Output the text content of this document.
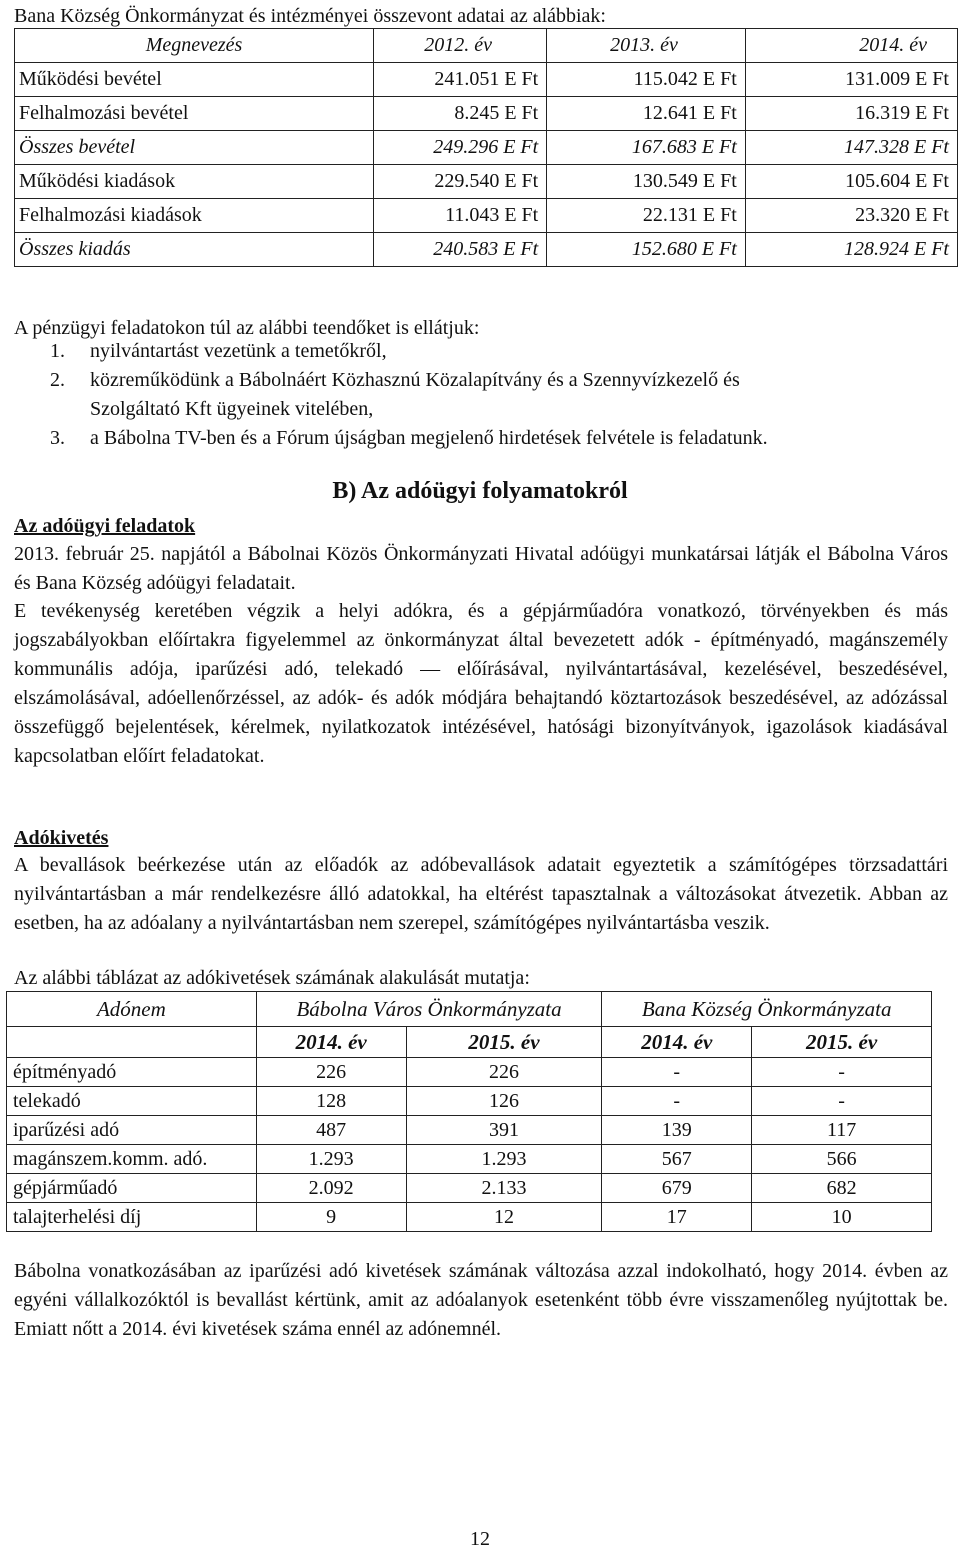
Bana Község Önkormányzat és intézményei összevont adatai az alábbiak:
Megnevezés	2012. év	2013. év	2014. év
Működési bevétel	241.051 E Ft	115.042 E Ft	131.009 E Ft
Felhalmozási bevétel	8.245 E Ft	12.641 E Ft	16.319 E Ft
Összes bevétel	249.296 E Ft	167.683 E Ft	147.328 E Ft
Működési kiadások	229.540 E Ft	130.549 E Ft	105.604 E Ft
Felhalmozási kiadások	11.043 E Ft	22.131 E Ft	23.320 E Ft
Összes kiadás	240.583 E Ft	152.680 E Ft	128.924 E Ft
A pénzügyi feladatokon túl az alábbi teendőket is ellátjuk:
1. nyilvántartást vezetünk a temetőkről,
2. közreműködünk a Bábolnáért Közhasznú Közalapítvány és a Szennyvízkezelő és
Szolgáltató Kft ügyeinek vitelében,
3. a Bábolna TV-ben és a Fórum újságban megjelenő hirdetések felvétele is feladatunk.
B) Az adóügyi folyamatokról
Az adóügyi feladatok
2013. február 25. napjától a Bábolnai Közös Önkormányzati Hivatal adóügyi munkatársai látják el Bábolna Város és Bana Község adóügyi feladatait.
E tevékenység keretében végzik a helyi adókra, és a gépjárműadóra vonatkozó, törvényekben és más jogszabályokban előírtakra figyelemmel az önkormányzat által bevezetett adók - építményadó, magánszemély kommunális adója, iparűzési adó, telekadó — előírásával, nyilvántartásával, kezelésével, beszedésével, elszámolásával, adóellenőrzéssel, az adók- és adók módjára behajtandó köztartozások beszedésével, az adózással összefüggő bejelentések, kérelmek, nyilatkozatok intézésével, hatósági bizonyítványok, igazolások kiadásával kapcsolatban előírt feladatokat.
Adókivetés
A bevallások beérkezése után az előadók az adóbevallások adatait egyeztetik a számítógépes törzsadattári nyilvántartásban a már rendelkezésre álló adatokkal, ha eltérést tapasztalnak a változásokat átvezetik. Abban az esetben, ha az adóalany a nyilvántartásban nem szerepel, számítógépes nyilvántartásba veszik.
Az alábbi táblázat az adókivetések számának alakulását mutatja:
Adónem	Bábolna Város Önkormányzata		Bana Község Önkormányzata	
	2014. év	2015. év	2014. év	2015. év
építményadó	226	226	-	-
telekadó	128	126	-	-
iparűzési adó	487	391	139	117
magánszem.komm. adó.	1.293	1.293	567	566
gépjárműadó	2.092	2.133	679	682
talajterhelési díj	9	12	17	10
Bábolna vonatkozásában az iparűzési adó kivetések számának változása azzal indokolható, hogy 2014. évben az egyéni vállalkozóktól is bevallást kértünk, amit az adóalanyok esetenként több évre visszamenőleg nyújtottak be. Emiatt nőtt a 2014. évi kivetések száma ennél az adónemnél.
12
